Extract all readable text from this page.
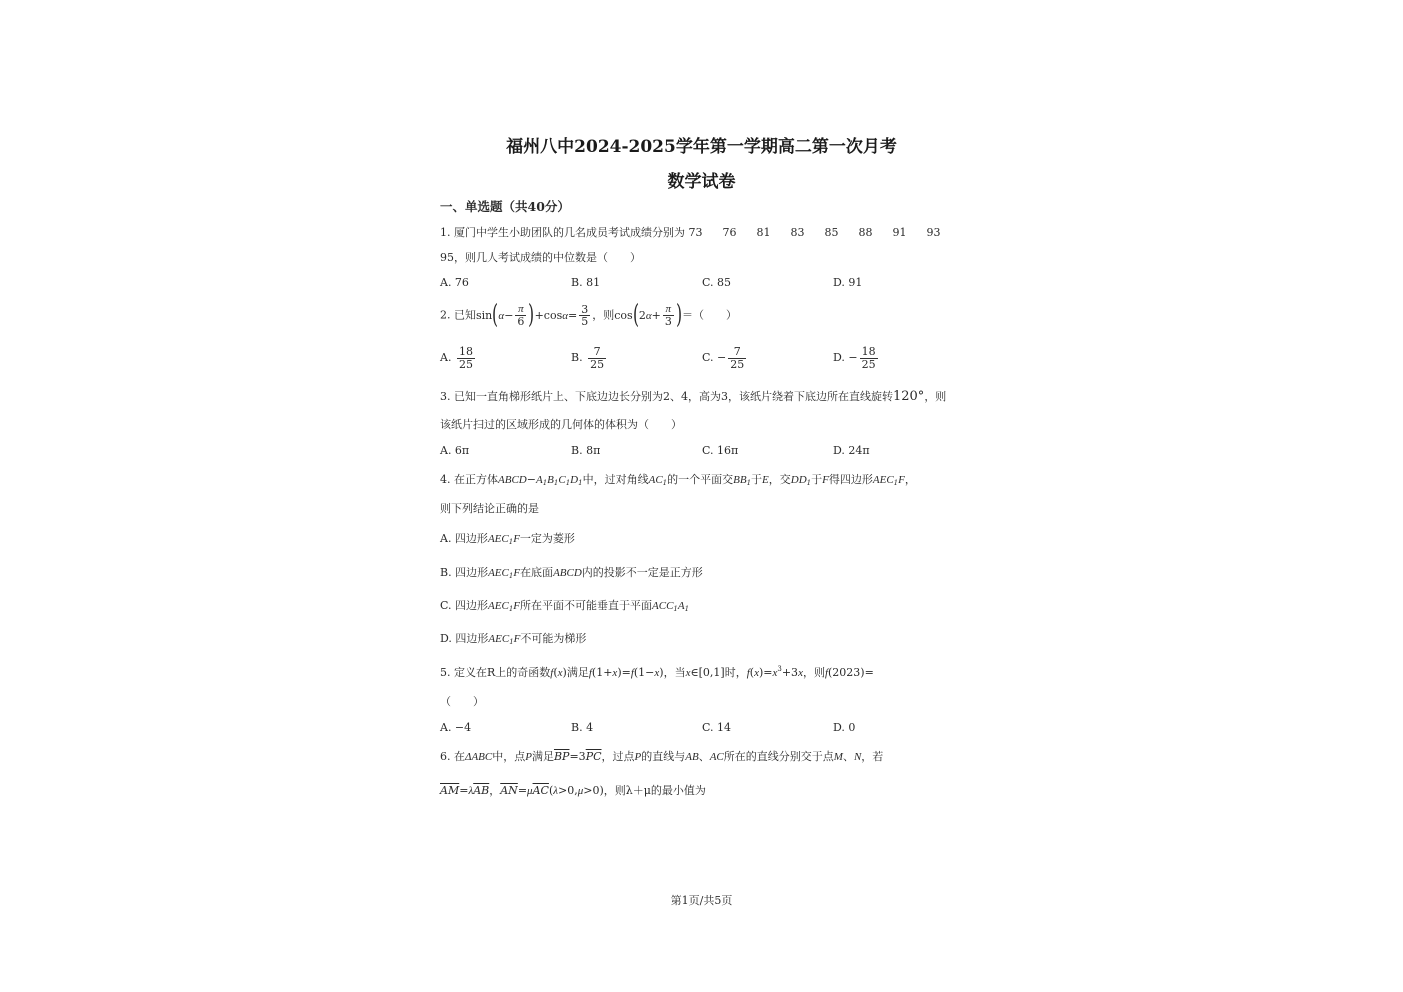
福州八中2024-2025学年第一学期高二第一次月考
数学试卷
一、单选题（共40分）
1. 厦门中学生小助团队的几名成员考试成绩分别为 73 76 81 83 85 88 91 93
95，则几人考试成绩的中位数是（　　）
A. 76	B. 81	C. 85	D. 91
2. 已知$\sin(\alpha- \frac{\pi}{6} )+\cos\alpha= \frac{3}{5}$ ，则$\cos(2\alpha+ \frac{\pi}{3}$ )＝（　　）
A. $\frac{18}{25}$	B. $\frac{7}{25}$	C. − $\frac{7}{25}$	D. − $\frac{18}{25}$
3. 已知一直角梯形纸片上、下底边边长分别为2、4，高为3，该纸片绕着下底边所在直线旋转120°，则
该纸片扫过的区域形成的几何体的体积为（　　）
A. 6π	B. 8π	C. 16π	D. 24π
4. 在正方体$ABCD-A_1B_1C_1D_1$中，过对角线$AC_1$的一个平面交$BB_1$于E，交$DD_1$于F得四边形$AEC_1F$，
则下列结论正确的是
A. 四边形$AEC_1F$一定为菱形
B. 四边形$AEC_1F$在底面ABCD内的投影不一定是正方形
C. 四边形$AEC_1F$所在平面不可能垂直于平面$ACC_1A_1$
D. 四边形$AEC_1F$不可能为梯形
5. 定义在R上的奇函数f(x)满足f(1+x)=f(1−x)，当x∈[0,1]时，$f(x)=x^3+3x$，则f(2023)=
（　　）
A. −4	B. 4	C. 14	D. 0
6. 在ΔABC中，点P满足$\overline{BP}=3\overline{PC}$，过点P的直线与AB、AC所在的直线分别交于点M、N，若
$\overline{AM}=\lambda\overline{AB}$，$\overline{AN}=\mu\overline{AC}(\lambda>0,\mu>0)$，则λ＋μ的最小值为
第1页/共5页
